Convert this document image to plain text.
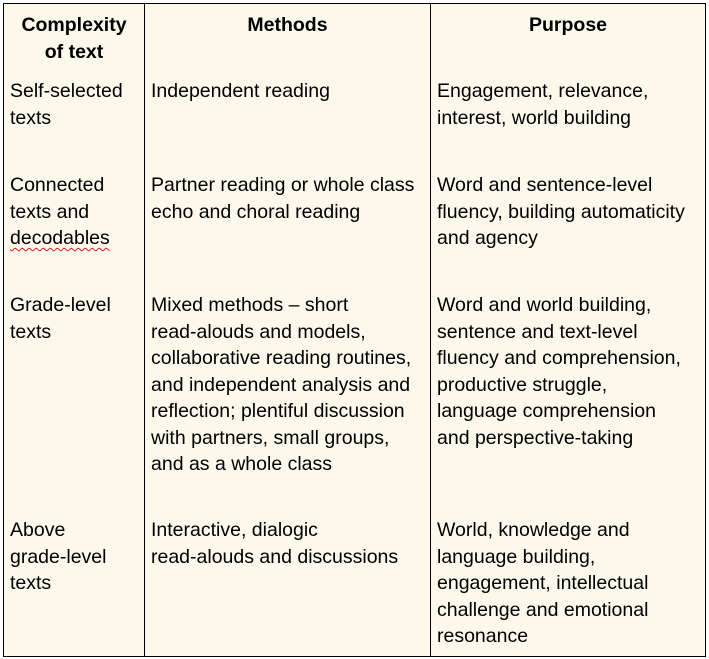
Complexity
of text
Methods	Purpose
Self-selected
texts
Independent reading	Engagement, relevance,
interest, world building
Connected
texts and
decodables
Partner reading or whole class
echo and choral reading
Word and sentence-level
fluency, building automaticity
and agency
Grade-level
texts
Mixed methods – short
read-alouds and models,
collaborative reading routines,
and independent analysis and
reflection; plentiful discussion
with partners, small groups,
and as a whole class
Word and world building,
sentence and text-level
fluency and comprehension,
productive struggle,
language comprehension
and perspective-taking
Above
grade-level
texts
Interactive, dialogic
read-alouds and discussions
World, knowledge and
language building,
engagement, intellectual
challenge and emotional
resonance
